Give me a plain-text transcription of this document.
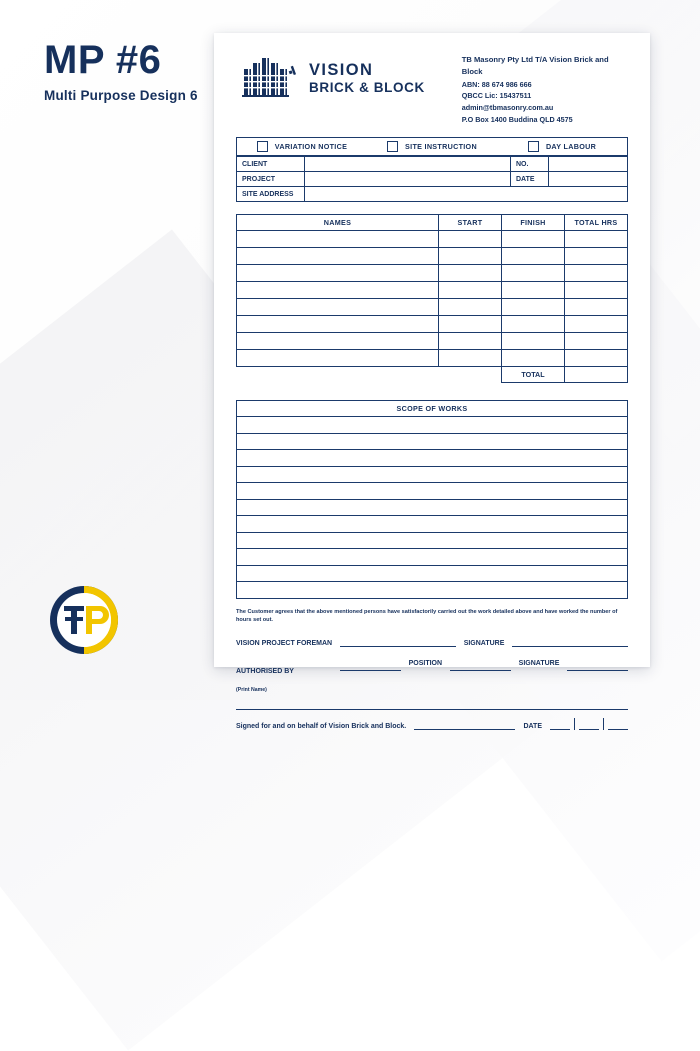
MP #6
Multi Purpose Design 6
VISION
BRICK & BLOCK
TB Masonry Pty Ltd T/A Vision Brick and Block
ABN: 88 674 986 666
QBCC Lic: 15437511
admin@tbmasonry.com.au
P.O Box 1400 Buddina QLD 4575
VARIATION NOTICE	SITE INSTRUCTION	DAY LABOUR
CLIENT		NO.	
PROJECT		DATE	
SITE ADDRESS			
NAMES	START	FINISH	TOTAL HRS

		TOTAL	
SCOPE OF WORKS

The Customer agrees that the above mentioned persons have satisfactorily carried out the work detailed above and have worked the number of hours set out.
VISION PROJECT FOREMAN	SIGNATURE
AUTHORISED BY
(Print Name)
POSITION	SIGNATURE
Signed for and on behalf of Vision Brick and Block.	DATE
